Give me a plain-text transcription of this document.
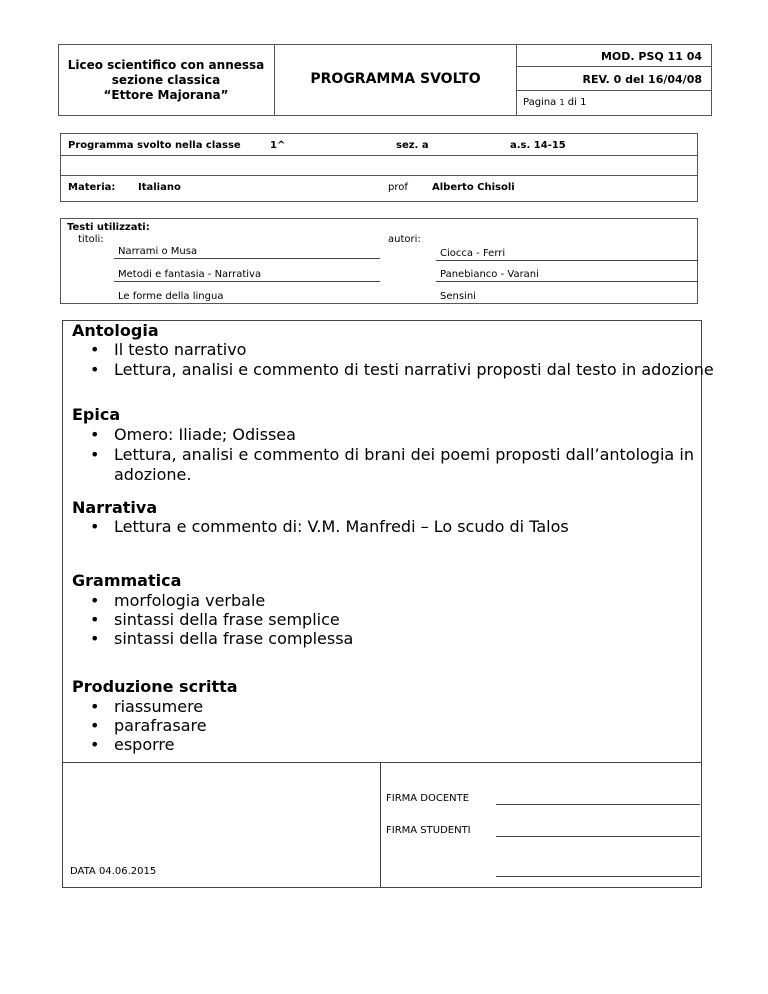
Liceo scientifico con annessa
sezione classica
“Ettore Majorana”
PROGRAMMA SVOLTO
MOD. PSQ 11 04
REV. 0 del 16/04/08
Pagina 1 di 1
Programma svolto nella classe	1^	sez. a	a.s. 14-15
Materia: Italiano	prof Alberto Chisoli
Testi utilizzati:
titoli:	autori:
Narrami o Musa	Ciocca - Ferri
Metodi e fantasia - Narrativa	Panebianco - Varani
Le forme della lingua	Sensini
Antologia
• Il testo narrativo
• Lettura, analisi e commento di testi narrativi proposti dal testo in adozione
Epica
• Omero: Iliade; Odissea
• Lettura, analisi e commento di brani dei poemi proposti dall’antologia in
adozione.
Narrativa
• Lettura e commento di: V.M. Manfredi – Lo scudo di Talos
Grammatica
• morfologia verbale
• sintassi della frase semplice
• sintassi della frase complessa
Produzione scritta
• riassumere
• parafrasare
• esporre
FIRMA DOCENTE
FIRMA STUDENTI
DATA 04.06.2015
